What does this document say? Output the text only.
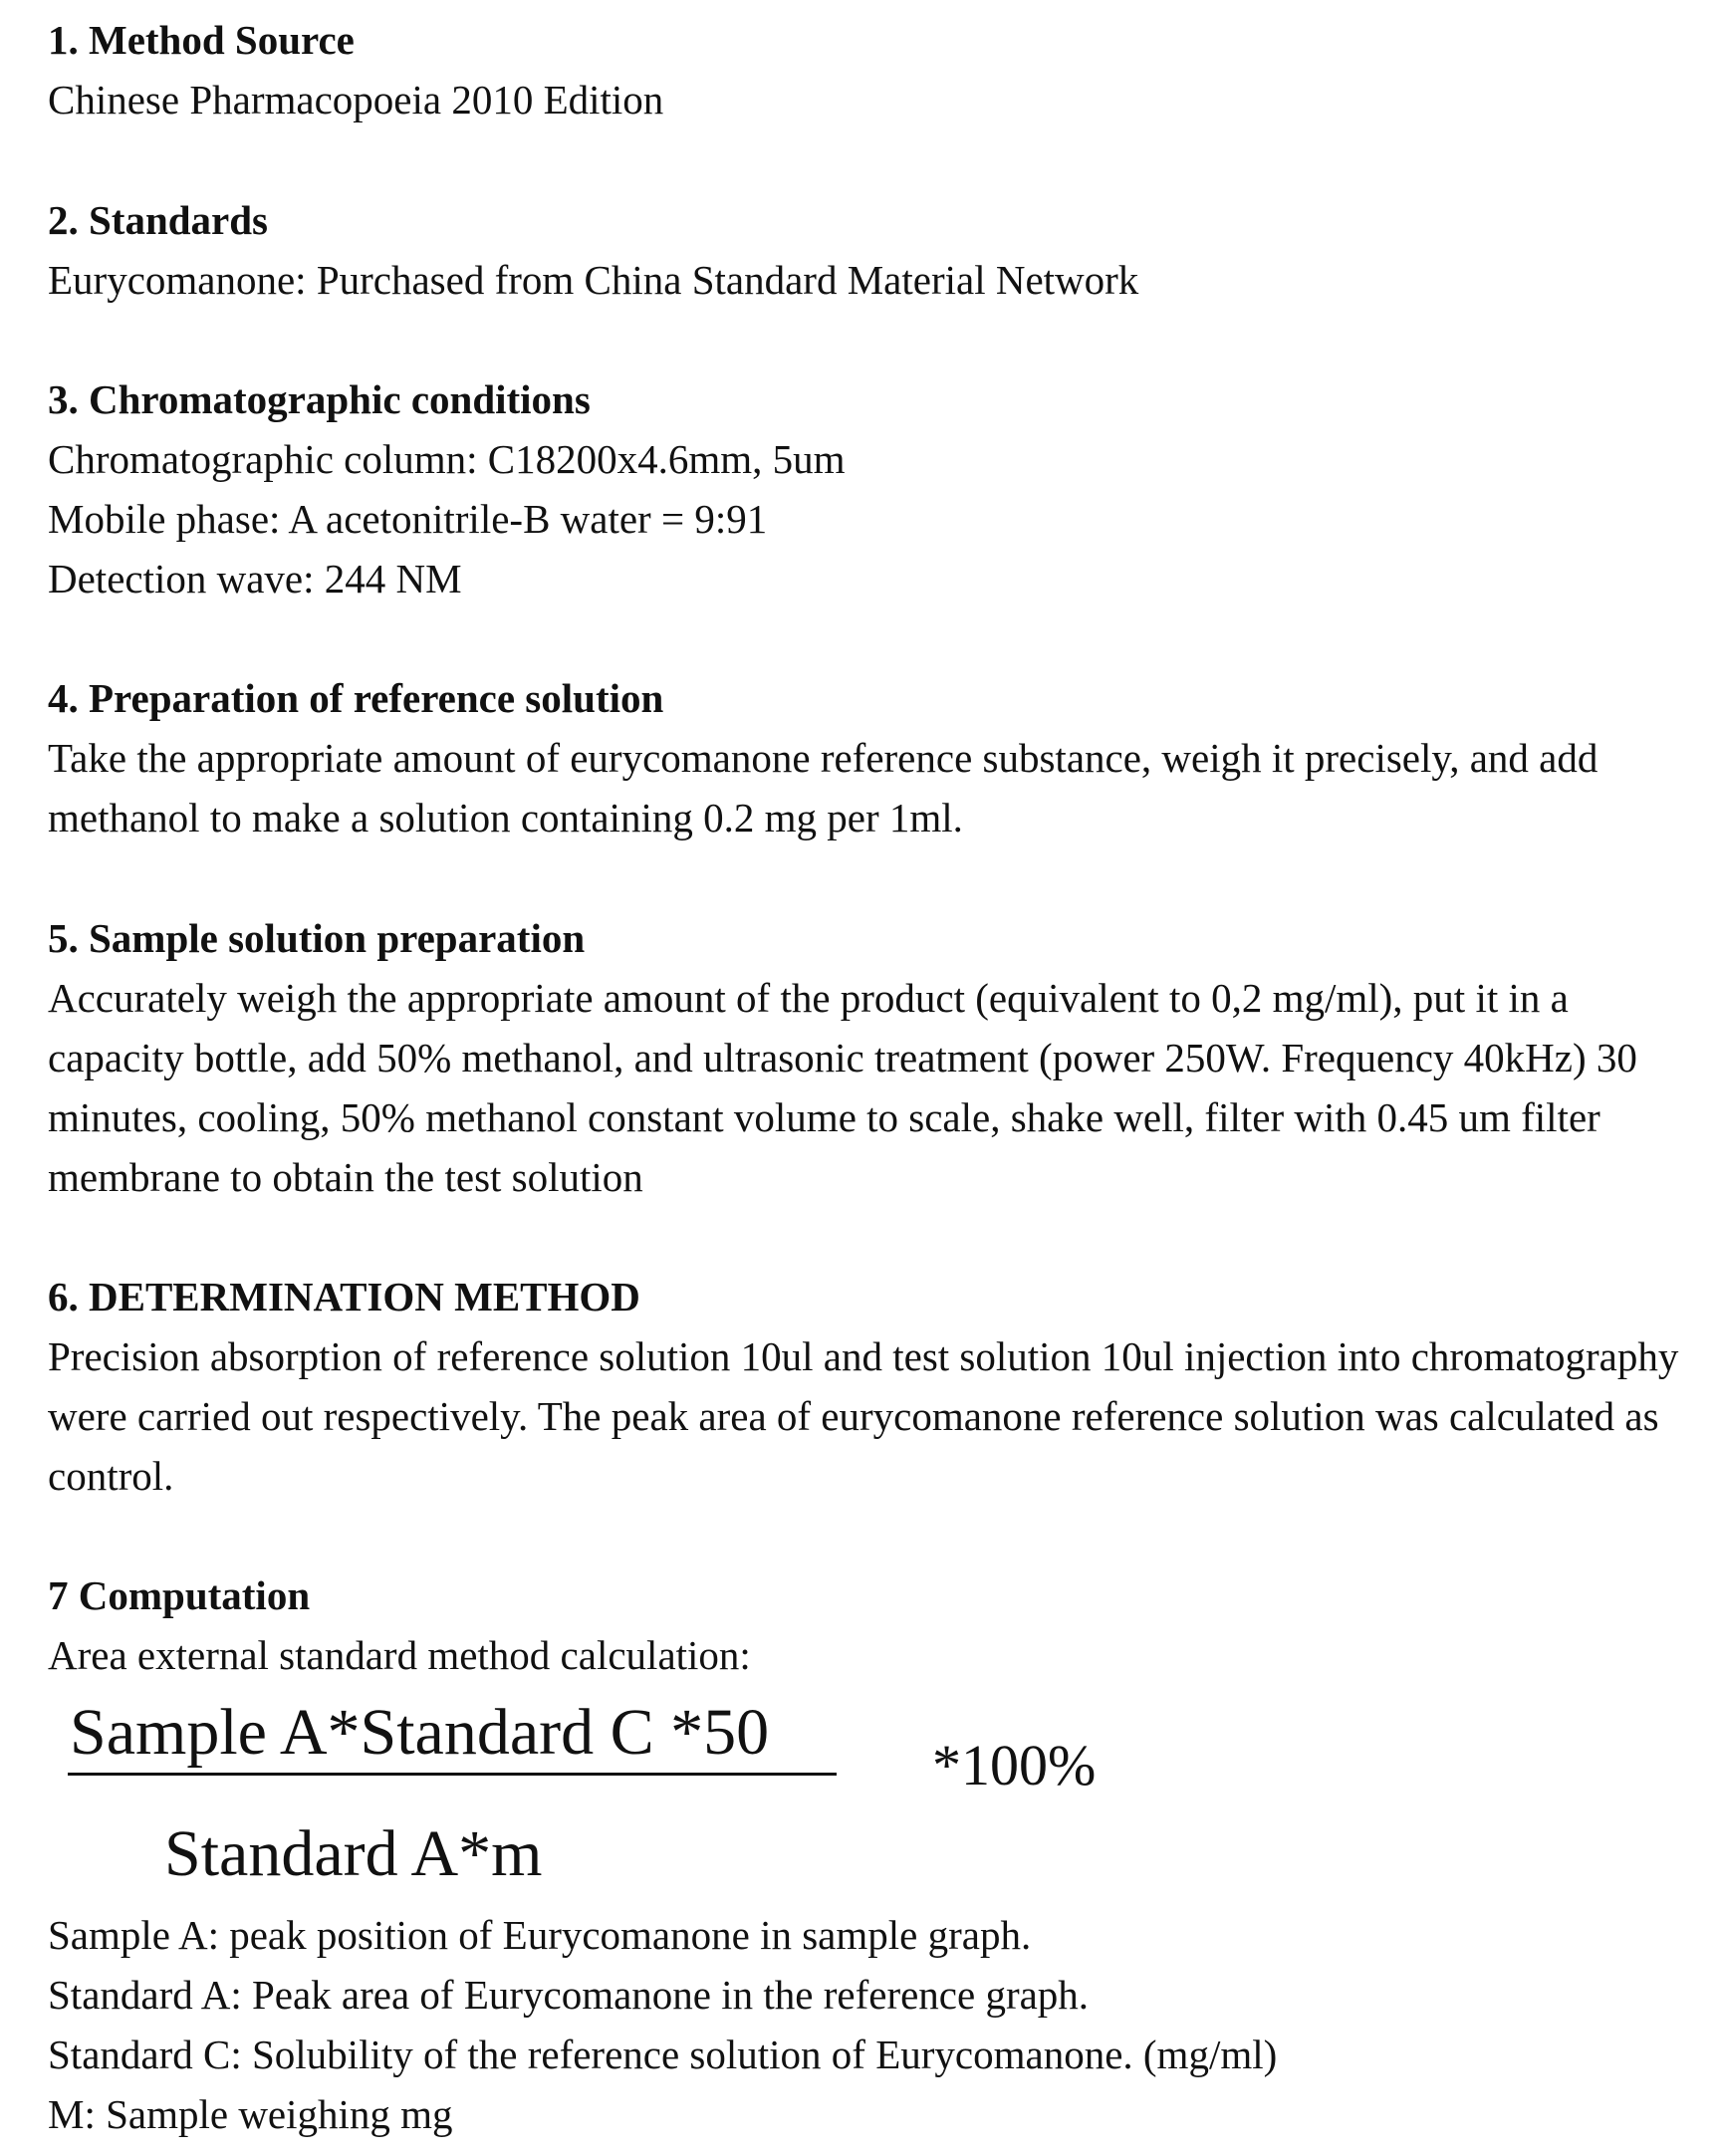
1. Method Source

Chinese Pharmacopoeia 2010 Edition

2. Standards

Eurycomanone: Purchased from China Standard Material Network

3. Chromatographic conditions

Chromatographic column: C18200x4.6mm, 5um

Mobile phase: A acetonitrile-B water = 9:91

Detection wave: 244 NM

4. Preparation of reference solution

Take the appropriate amount of eurycomanone reference substance, weigh it precisely, and add methanol to make a solution containing 0.2 mg per 1ml.

5. Sample solution preparation

Accurately weigh the appropriate amount of the product (equivalent to 0,2 mg/ml), put it in a capacity bottle, add 50% methanol, and ultrasonic treatment (power 250W. Frequency 40kHz) 30 minutes, cooling, 50% methanol constant volume to scale, shake well, filter with 0.45 um filter membrane to obtain the test solution

6. DETERMINATION METHOD

Precision absorption of reference solution 10ul and test solution 10ul injection into chromatography were carried out respectively. The peak area of eurycomanone reference solution was calculated as control.

7 Computation

Area external standard method calculation:

Sample A*Standard C *50
Standard A*m
*100%

Sample A: peak position of Eurycomanone in sample graph.

Standard A: Peak area of Eurycomanone in the reference graph.

Standard C: Solubility of the reference solution of Eurycomanone. (mg/ml)

M: Sample weighing mg
